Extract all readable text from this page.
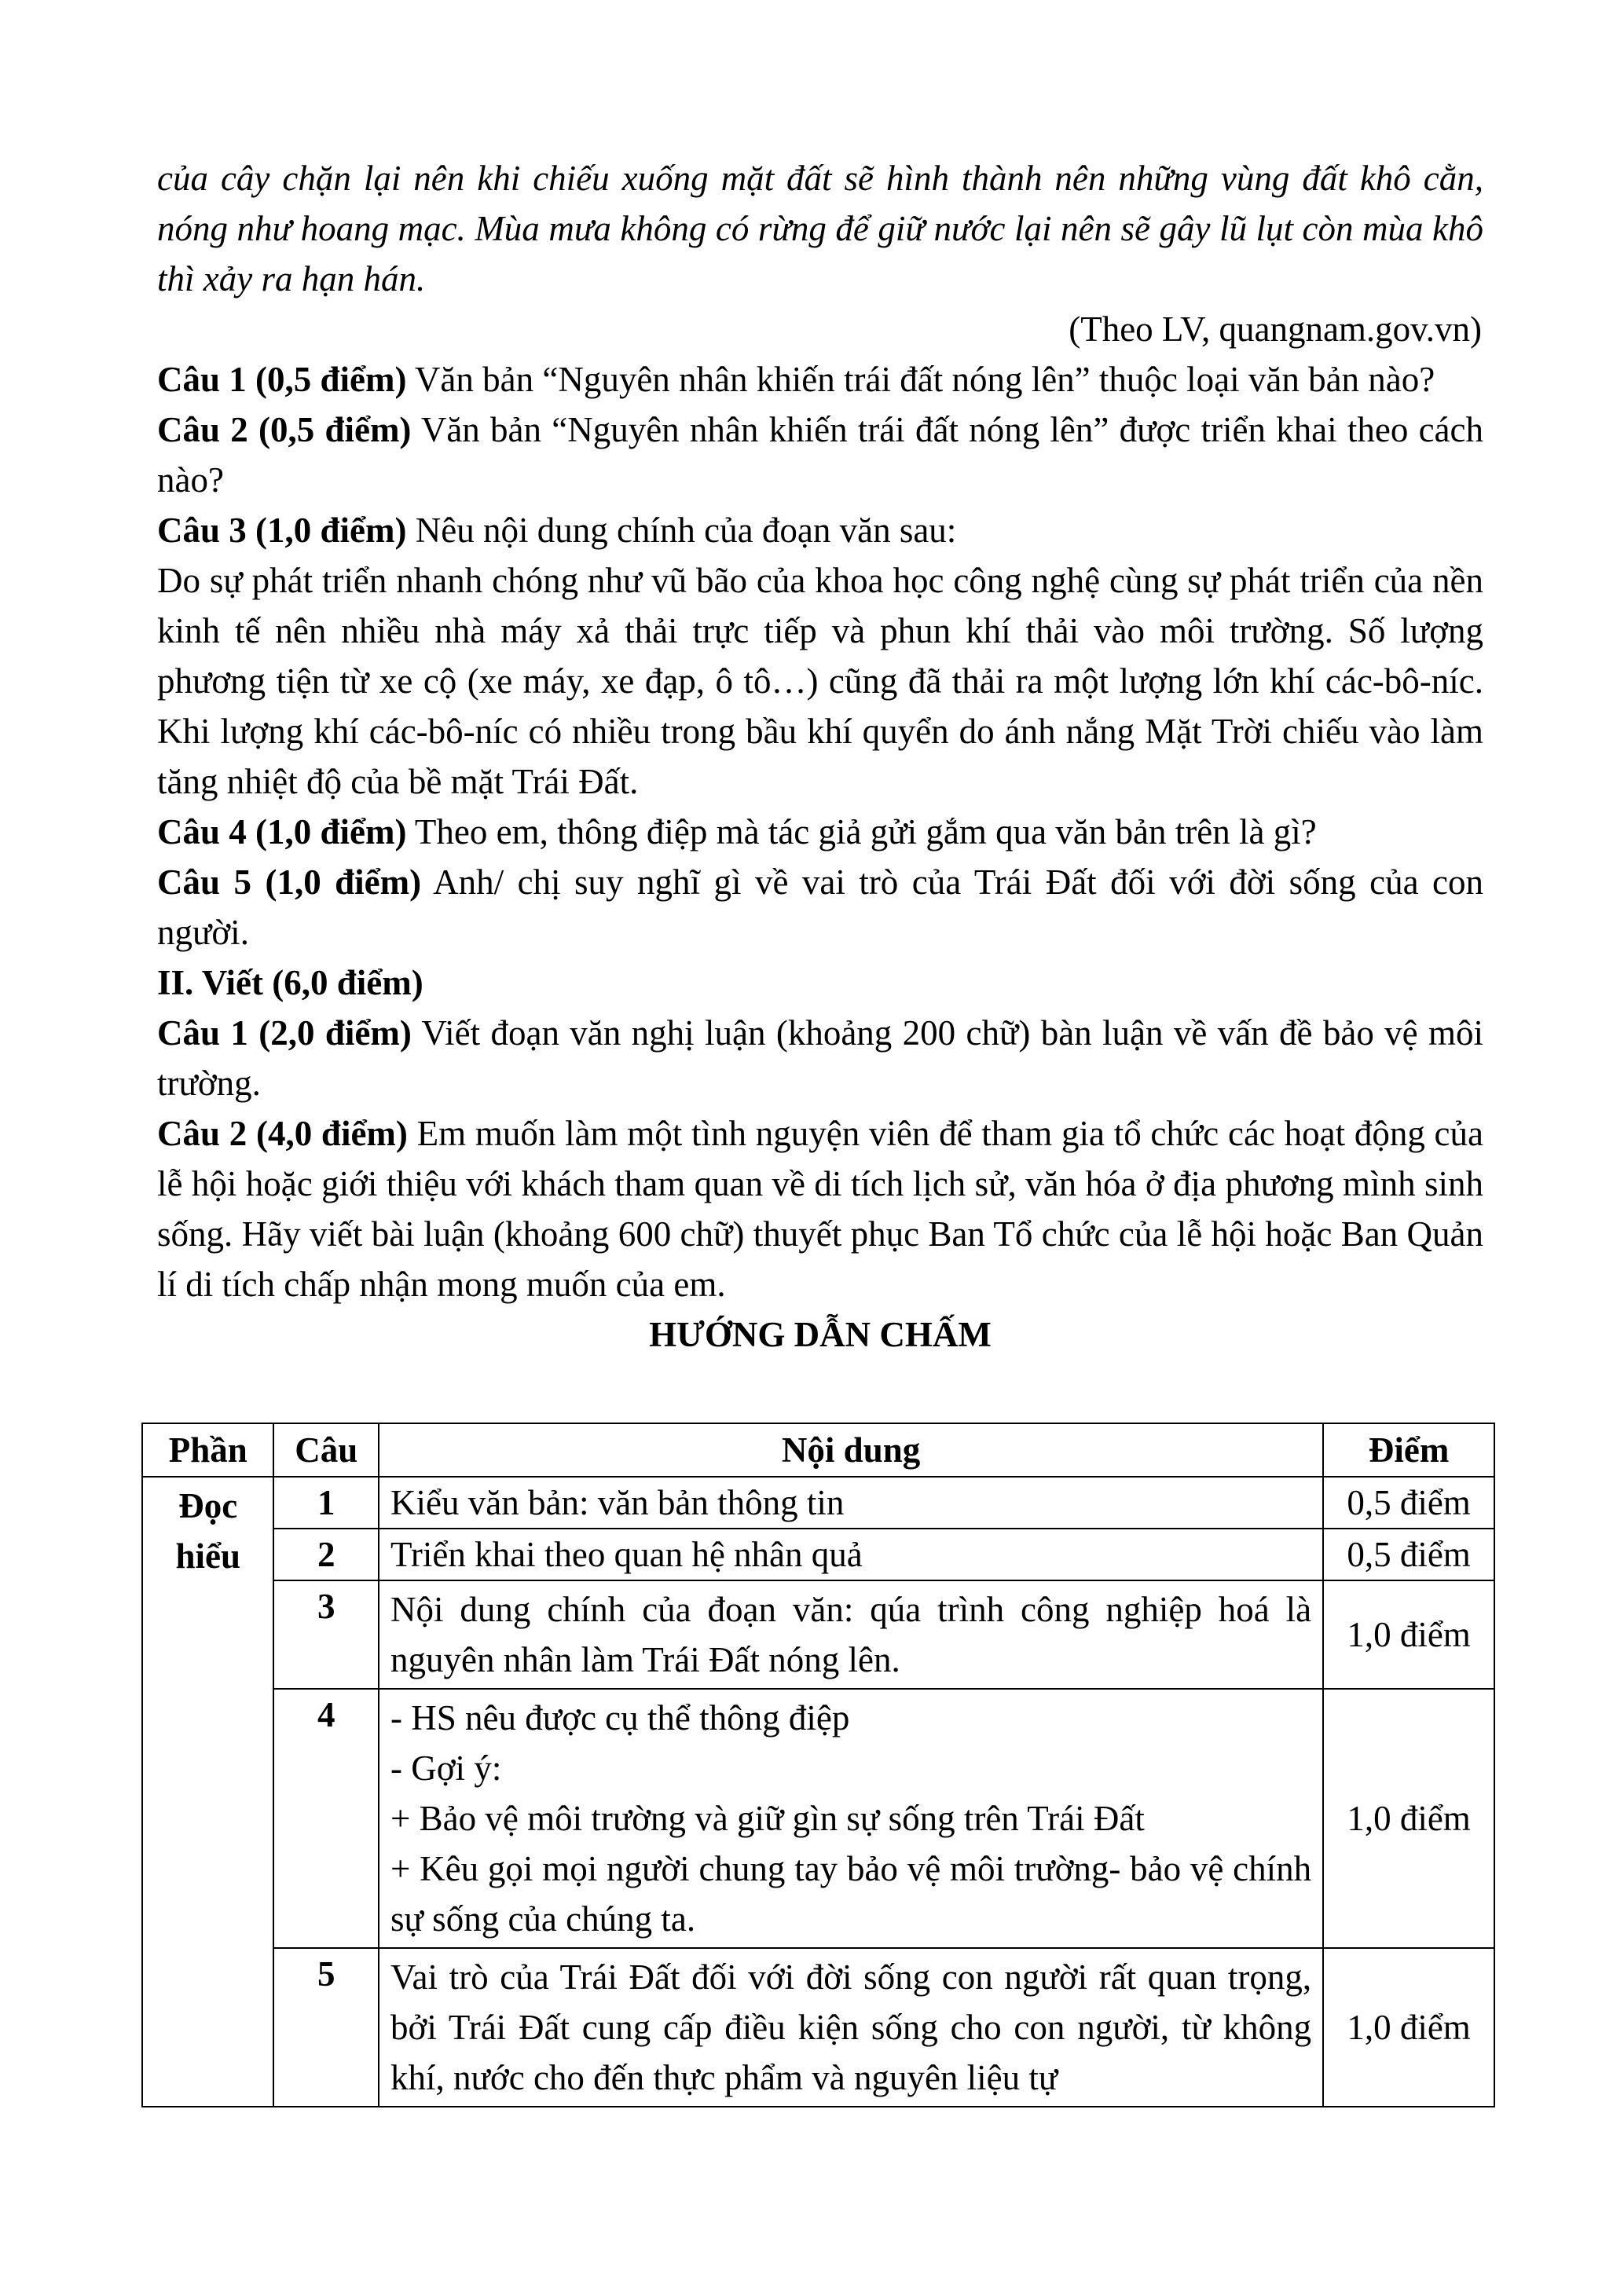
của cây chặn lại nên khi chiếu xuống mặt đất sẽ hình thành nên những vùng đất khô cằn, nóng như hoang mạc. Mùa mưa không có rừng để giữ nước lại nên sẽ gây lũ lụt còn mùa khô thì xảy ra hạn hán.

(Theo LV, quangnam.gov.vn)

Câu 1 (0,5 điểm) Văn bản “Nguyên nhân khiến trái đất nóng lên” thuộc loại văn bản nào?

Câu 2 (0,5 điểm) Văn bản “Nguyên nhân khiến trái đất nóng lên” được triển khai theo cách nào?

Câu 3 (1,0 điểm) Nêu nội dung chính của đoạn văn sau:

Do sự phát triển nhanh chóng như vũ bão của khoa học công nghệ cùng sự phát triển của nền kinh tế nên nhiều nhà máy xả thải trực tiếp và phun khí thải vào môi trường. Số lượng phương tiện từ xe cộ (xe máy, xe đạp, ô tô…) cũng đã thải ra một lượng lớn khí các-bô-níc. Khi lượng khí các-bô-níc có nhiều trong bầu khí quyển do ánh nắng Mặt Trời chiếu vào làm tăng nhiệt độ của bề mặt Trái Đất.

Câu 4 (1,0 điểm) Theo em, thông điệp mà tác giả gửi gắm qua văn bản trên là gì?

Câu 5 (1,0 điểm) Anh/ chị suy nghĩ gì về vai trò của Trái Đất đối với đời sống của con người.

II. Viết (6,0 điểm)

Câu 1 (2,0 điểm) Viết đoạn văn nghị luận (khoảng 200 chữ) bàn luận về vấn đề bảo vệ môi trường.

Câu 2 (4,0 điểm) Em muốn làm một tình nguyện viên để tham gia tổ chức các hoạt động của lễ hội hoặc giới thiệu với khách tham quan về di tích lịch sử, văn hóa ở địa phương mình sinh sống. Hãy viết bài luận (khoảng 600 chữ) thuyết phục Ban Tổ chức của lễ hội hoặc Ban Quản lí di tích chấp nhận mong muốn của em.

HƯỚNG DẪN CHẤM

Phần	Câu	Nội dung	Điểm
Đọc hiểu	1	Kiểu văn bản: văn bản thông tin	0,5 điểm
	2	Triển khai theo quan hệ nhân quả	0,5 điểm
	3	Nội dung chính của đoạn văn: qúa trình công nghiệp hoá là nguyên nhân làm Trái Đất nóng lên.	1,0 điểm
	4	- HS nêu được cụ thể thông điệp
- Gợi ý:
+ Bảo vệ môi trường và giữ gìn sự sống trên Trái Đất
+ Kêu gọi mọi người chung tay bảo vệ môi trường- bảo vệ chính sự sống của chúng ta.	1,0 điểm
	5	Vai trò của Trái Đất đối với đời sống con người rất quan trọng, bởi Trái Đất cung cấp điều kiện sống cho con người, từ không khí, nước cho đến thực phẩm và nguyên liệu tự	1,0 điểm
